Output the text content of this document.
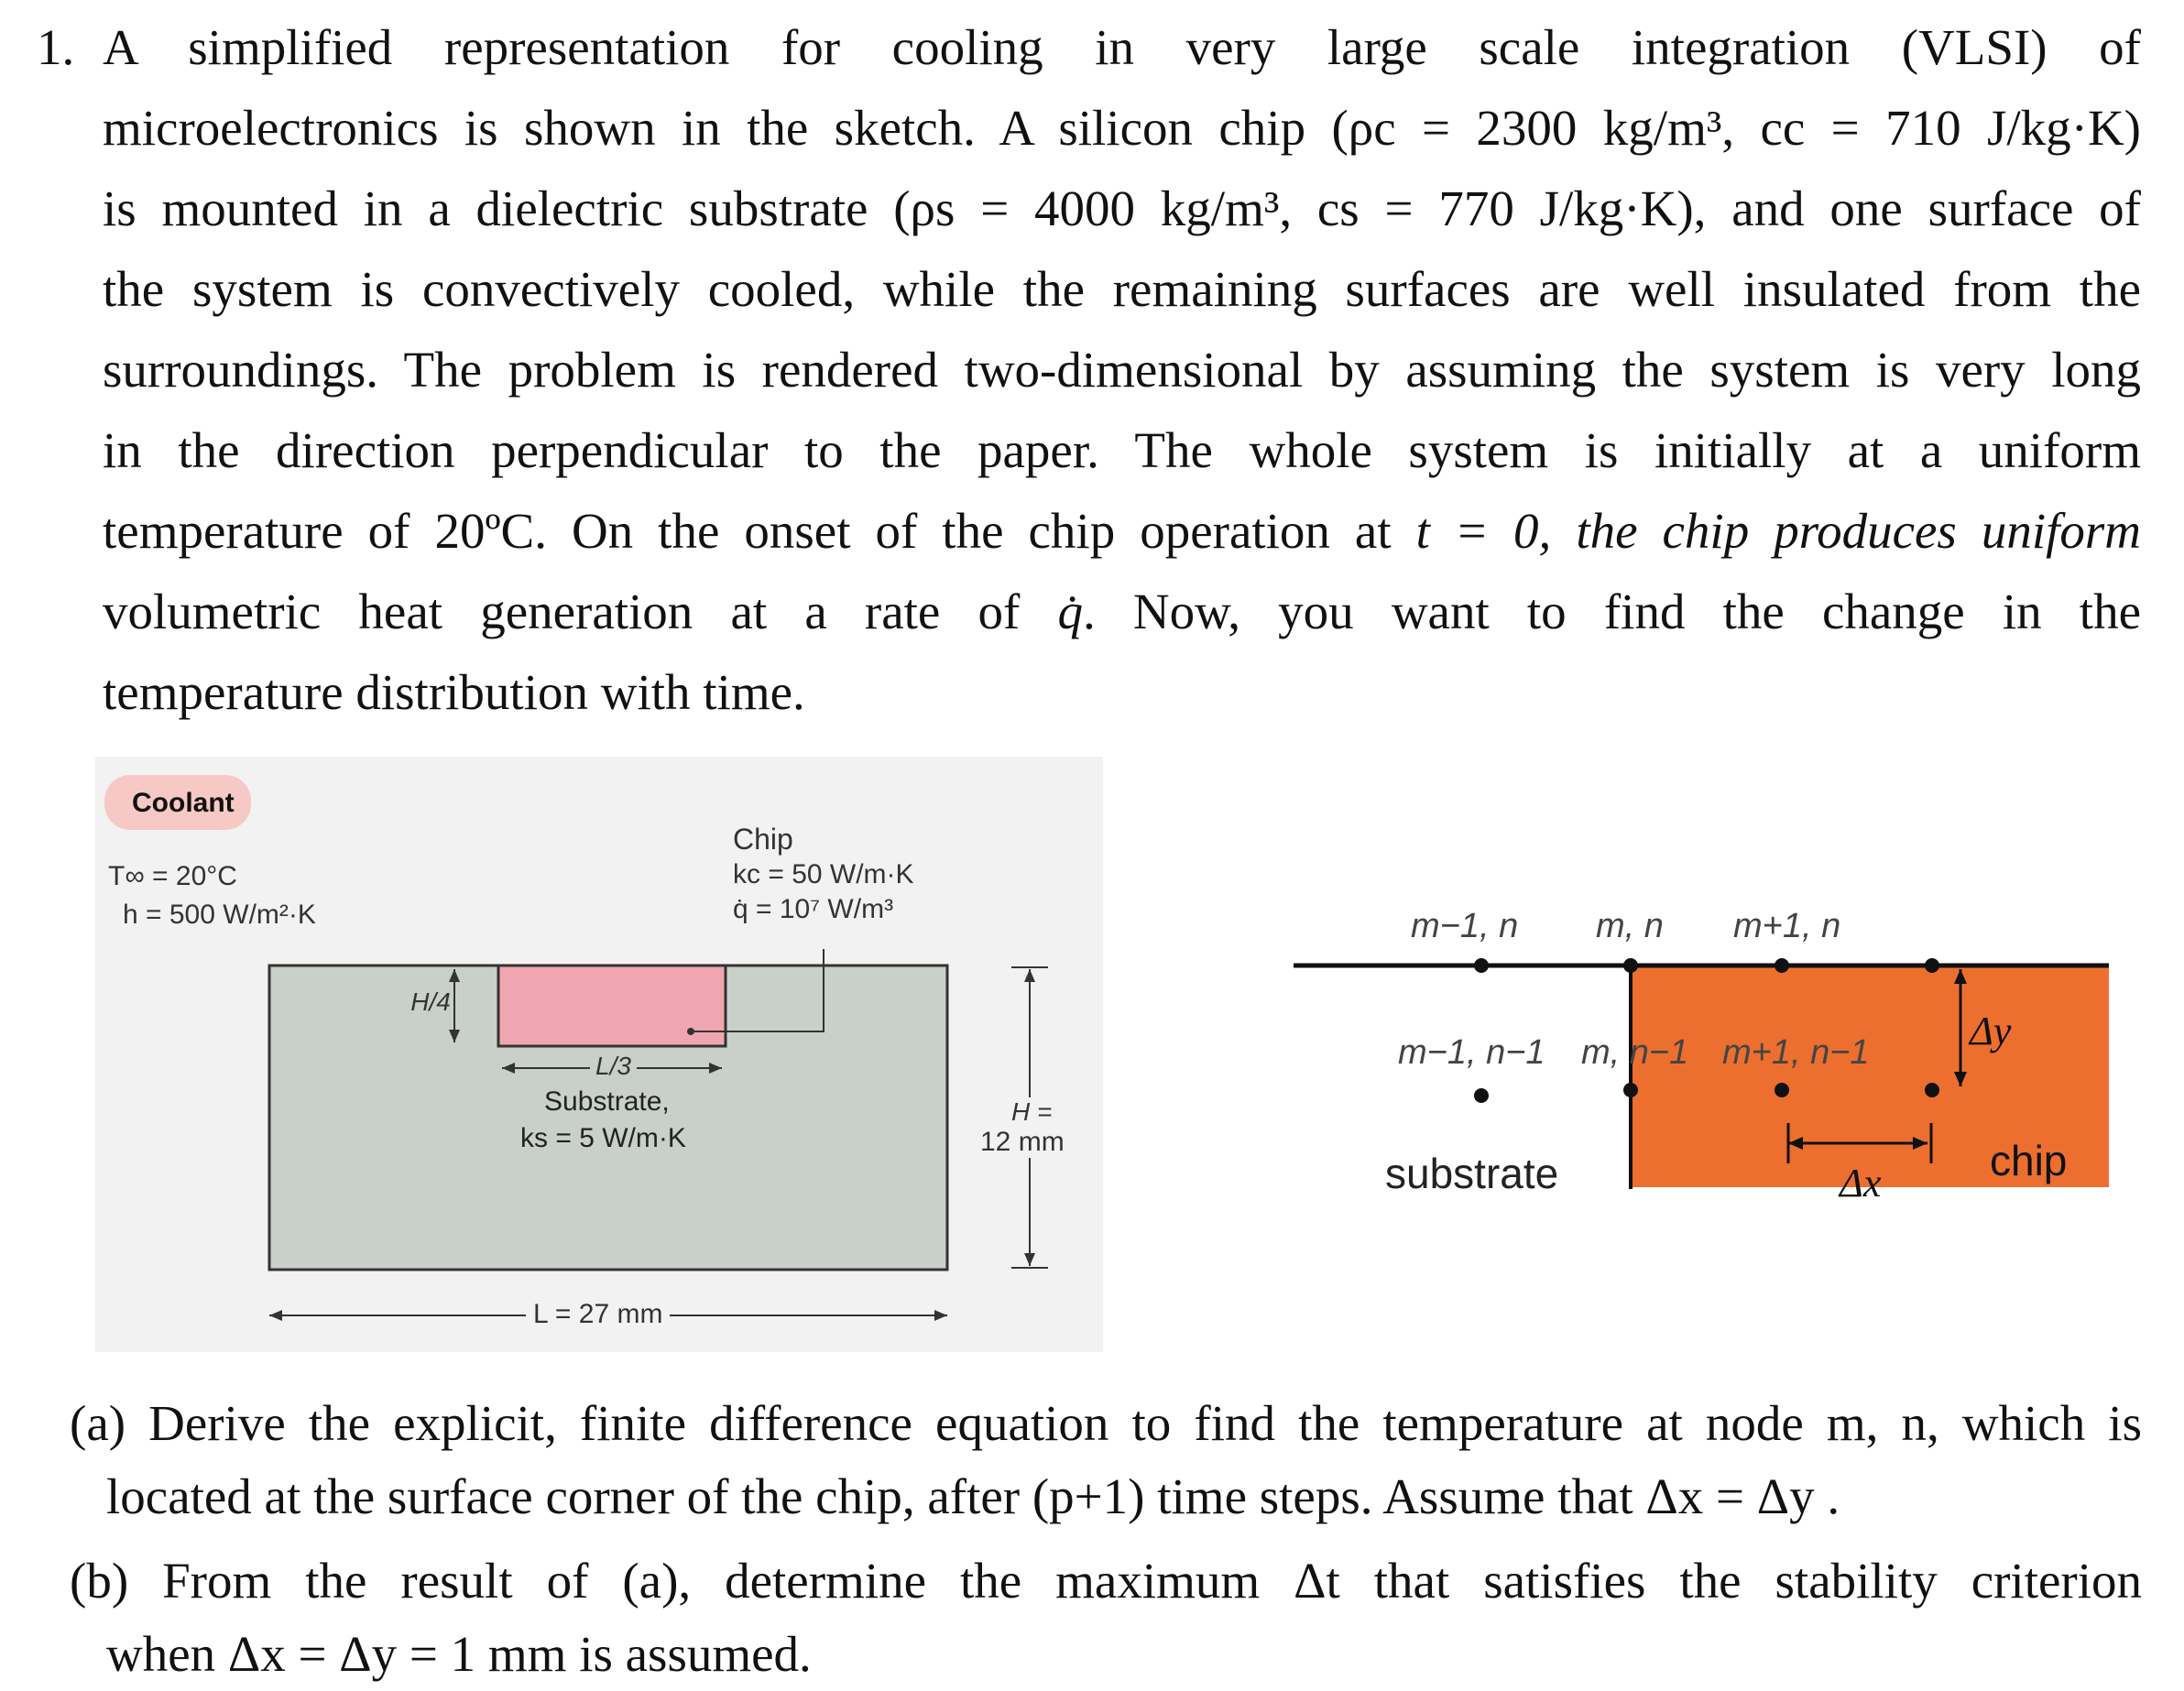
1. A simplified representation for cooling in very large scale integration (VLSI) of
microelectronics is shown in the sketch. A silicon chip (ρc = 2300 kg/m³, cc = 710 J/kg·K)
is mounted in a dielectric substrate (ρs = 4000 kg/m³, cs = 770 J/kg·K), and one surface of
the system is convectively cooled, while the remaining surfaces are well insulated from the
surroundings. The problem is rendered two-dimensional by assuming the system is very long
in the direction perpendicular to the paper. The whole system is initially at a uniform
temperature of 20ºC. On the onset of the chip operation at t = 0, the chip produces uniform
volumetric heat generation at a rate of q̇. Now, you want to find the change in the
temperature distribution with time.
Coolant
T∞ = 20°C
h = 500 W/m²·K
Chip
kc = 50 W/m·K
q̇ = 10⁷ W/m³
H/4
L/3
Substrate,
ks = 5 W/m·K
H =
12 mm
L = 27 mm
m−1, n m, n m+1, n
m−1, n−1 m, n−1 m+1, n−1 Δy
Δx
substrate	chip
(a) Derive the explicit, finite difference equation to find the temperature at node m, n, which is
located at the surface corner of the chip, after (p+1) time steps. Assume that Δx = Δy .
(b) From the result of (a), determine the maximum Δt that satisfies the stability criterion
when Δx = Δy = 1 mm is assumed.
